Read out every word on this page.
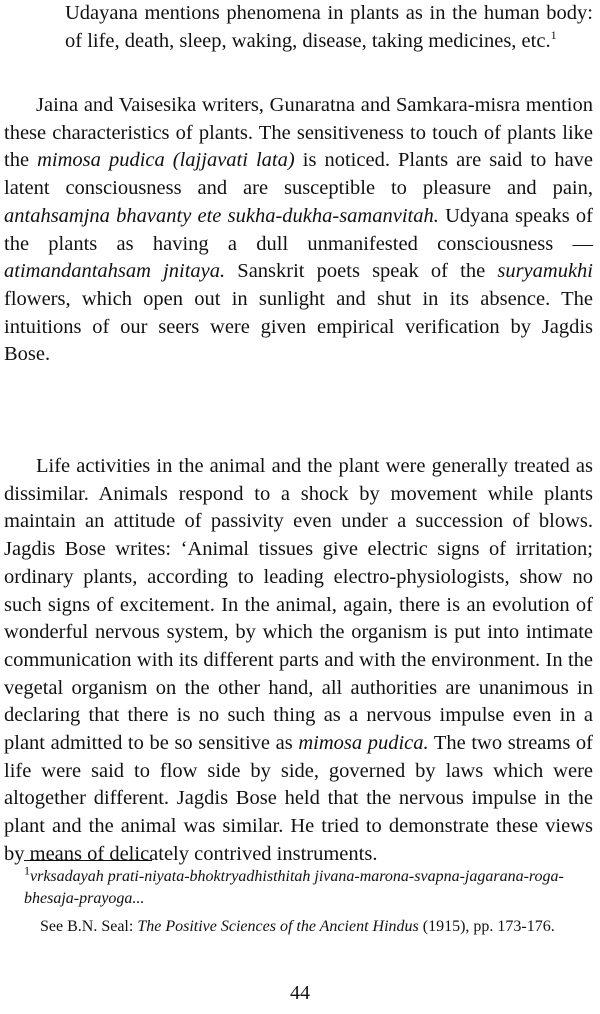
Udayana mentions phenomena in plants as in the human body: of life, death, sleep, waking, disease, taking medicines, etc.$^1$
Jaina and Vaisesika writers, Gunaratna and Samkara-misra mention these characteristics of plants. The sensitiveness to touch of plants like the mimosa pudica (lajjavati lata) is noticed. Plants are said to have latent consciousness and are susceptible to pleasure and pain, antahsamjna bhavanty ete sukha-dukha-samanvitah. Udyana speaks of the plants as having a dull unmanifested consciousness — atimandantahsam jnitaya. Sanskrit poets speak of the suryamukhi flowers, which open out in sunlight and shut in its absence. The intuitions of our seers were given empirical verification by Jagdis Bose.
Life activities in the animal and the plant were generally treated as dissimilar. Animals respond to a shock by movement while plants maintain an attitude of passivity even under a succession of blows. Jagdis Bose writes: ‘Animal tissues give electric signs of irritation; ordinary plants, according to leading electro-physiologists, show no such signs of excitement. In the animal, again, there is an evolution of wonderful nervous system, by which the organism is put into intimate communication with its different parts and with the environment. In the vegetal organism on the other hand, all authorities are unanimous in declaring that there is no such thing as a nervous impulse even in a plant admitted to be so sensitive as mimosa pudica. The two streams of life were said to flow side by side, governed by laws which were altogether different. Jagdis Bose held that the nervous impulse in the plant and the animal was similar. He tried to demonstrate these views by means of delicately contrived instruments.
$^1$vrksadayah prati-niyata-bhoktryadhisthitah jivana-marona-svapna-jagarana-roga-bhesaja-prayoga...
See B.N. Seal: The Positive Sciences of the Ancient Hindus (1915), pp. 173-176.
44
